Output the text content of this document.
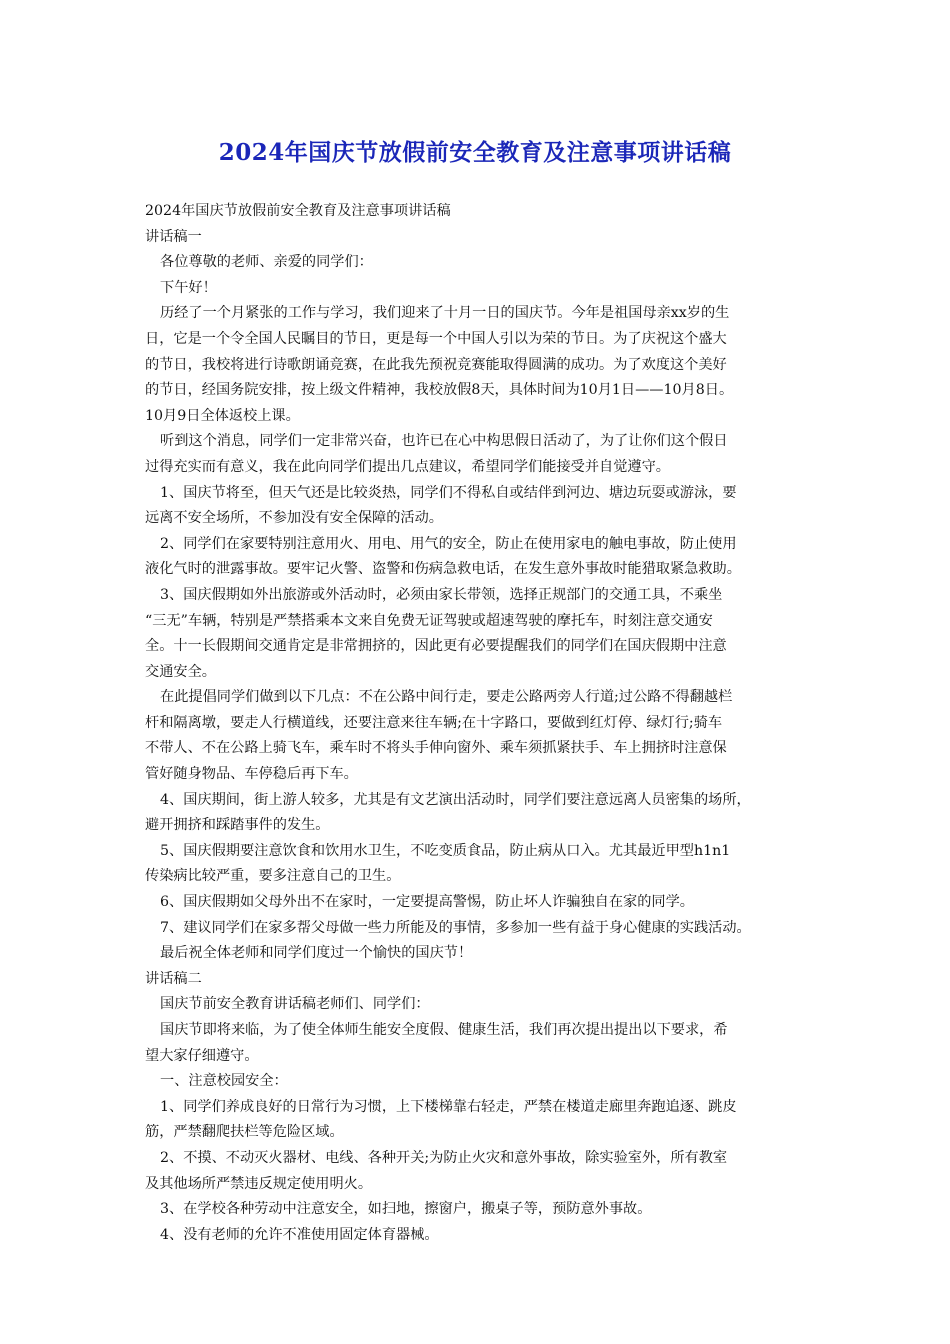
2024年国庆节放假前安全教育及注意事项讲话稿
2024年国庆节放假前安全教育及注意事项讲话稿
讲话稿一
各位尊敬的老师、亲爱的同学们：
下午好！
历经了一个月紧张的工作与学习，我们迎来了十月一日的国庆节。今年是祖国母亲xx岁的生
日，它是一个令全国人民瞩目的节日，更是每一个中国人引以为荣的节日。为了庆祝这个盛大
的节日，我校将进行诗歌朗诵竞赛，在此我先预祝竞赛能取得圆满的成功。为了欢度这个美好
的节日，经国务院安排，按上级文件精神，我校放假8天，具体时间为10月1日——10月8日。
10月9日全体返校上课。
听到这个消息，同学们一定非常兴奋，也许已在心中构思假日活动了，为了让你们这个假日
过得充实而有意义，我在此向同学们提出几点建议，希望同学们能接受并自觉遵守。
1、国庆节将至，但天气还是比较炎热，同学们不得私自或结伴到河边、塘边玩耍或游泳，要
远离不安全场所，不参加没有安全保障的活动。
2、同学们在家要特别注意用火、用电、用气的安全，防止在使用家电的触电事故，防止使用
液化气时的泄露事故。要牢记火警、盗警和伤病急救电话，在发生意外事故时能猎取紧急救助。
3、国庆假期如外出旅游或外活动时，必须由家长带领，选择正规部门的交通工具，不乘坐
“三无”车辆，特别是严禁搭乘本文来自免费无证驾驶或超速驾驶的摩托车，时刻注意交通安
全。十一长假期间交通肯定是非常拥挤的，因此更有必要提醒我们的同学们在国庆假期中注意
交通安全。
在此提倡同学们做到以下几点：不在公路中间行走，要走公路两旁人行道;过公路不得翻越栏
杆和隔离墩，要走人行横道线，还要注意来往车辆;在十字路口，要做到红灯停、绿灯行;骑车
不带人、不在公路上骑飞车，乘车时不将头手伸向窗外、乘车须抓紧扶手、车上拥挤时注意保
管好随身物品、车停稳后再下车。
4、国庆期间，街上游人较多，尤其是有文艺演出活动时，同学们要注意远离人员密集的场所，
避开拥挤和踩踏事件的发生。
5、国庆假期要注意饮食和饮用水卫生，不吃变质食品，防止病从口入。尤其最近甲型h1n1
传染病比较严重，要多注意自己的卫生。
6、国庆假期如父母外出不在家时，一定要提高警惕，防止坏人诈骗独自在家的同学。
7、建议同学们在家多帮父母做一些力所能及的事情，多参加一些有益于身心健康的实践活动。
最后祝全体老师和同学们度过一个愉快的国庆节！
讲话稿二
国庆节前安全教育讲话稿老师们、同学们：
国庆节即将来临，为了使全体师生能安全度假、健康生活，我们再次提出提出以下要求，希
望大家仔细遵守。
一、注意校园安全：
1、同学们养成良好的日常行为习惯，上下楼梯靠右轻走，严禁在楼道走廊里奔跑追逐、跳皮
筋，严禁翻爬扶栏等危险区域。
2、不摸、不动灭火器材、电线、各种开关;为防止火灾和意外事故，除实验室外，所有教室
及其他场所严禁违反规定使用明火。
3、在学校各种劳动中注意安全，如扫地，擦窗户，搬桌子等，预防意外事故。
4、没有老师的允许不准使用固定体育器械。
